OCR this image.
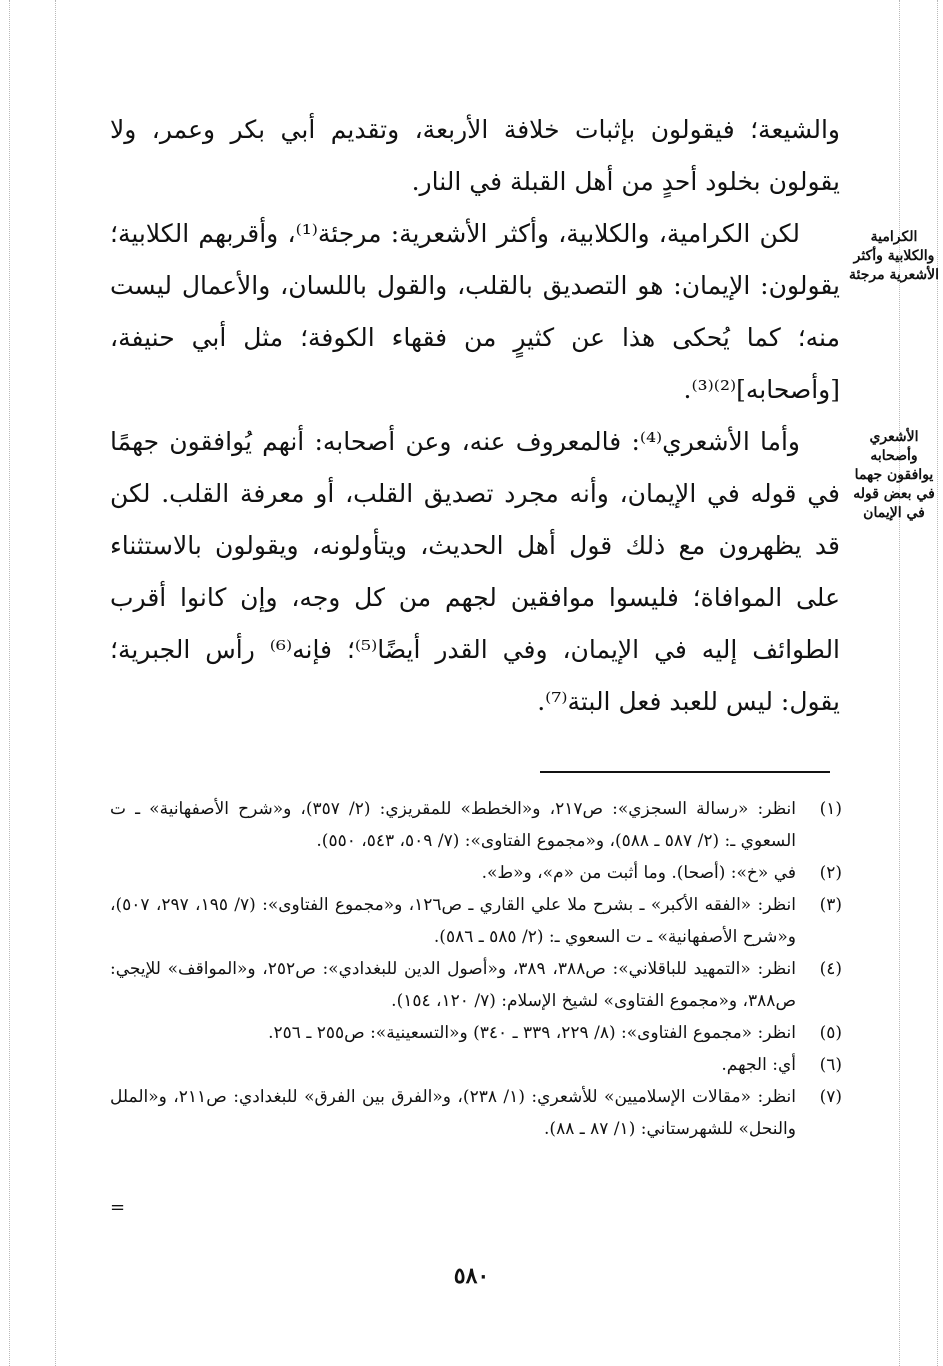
والشيعة؛ فيقولون بإثبات خلافة الأربعة، وتقديم أبي بكر وعمر، ولا يقولون بخلود أحدٍ من أهل القبلة في النار.

لكن الكرامية، والكلابية، وأكثر الأشعرية: مرجئة⁽¹⁾، وأقربهم الكلابية؛ يقولون: الإيمان: هو التصديق بالقلب، والقول باللسان، والأعمال ليست منه؛ كما يُحكى هذا عن كثيرٍ من فقهاء الكوفة؛ مثل أبي حنيفة، [وأصحابه]⁽²⁾⁽³⁾.

وأما الأشعري⁽⁴⁾: فالمعروف عنه، وعن أصحابه: أنهم يُوافقون جهمًا في قوله في الإيمان، وأنه مجرد تصديق القلب، أو معرفة القلب. لكن قد يظهرون مع ذلك قول أهل الحديث، ويتأولونه، ويقولون بالاستثناء على الموافاة؛ فليسوا موافقين لجهم من كل وجه، وإن كانوا أقرب الطوائف إليه في الإيمان، وفي القدر أيضًا⁽⁵⁾؛ فإنه⁽⁶⁾ رأس الجبرية؛ يقول: ليس للعبد فعل البتة⁽⁷⁾.

الكرامية والكلابية وأكثر الأشعرية مرجئة
الأشعري وأصحابه يوافقون جهما في بعض قوله في الإيمان
(١)
انظر: «رسالة السجزي»: ص٢١٧، و«الخطط» للمقريزي: (٢/ ٣٥٧)، و«شرح الأصفهانية» ـ ت السعوي ـ: (٢/ ٥٨٧ ـ ٥٨٨)، و«مجموع الفتاوى»: (٧/ ٥٠٩، ٥٤٣، ٥٥٠).
(٢)
في «خ»: (أصحا). وما أثبت من «م»، و«ط».
(٣)
انظر: «الفقه الأكبر» ـ بشرح ملا علي القاري ـ ص١٢٦، و«مجموع الفتاوى»: (٧/ ١٩٥، ٢٩٧، ٥٠٧)، و«شرح الأصفهانية» ـ ت السعوي ـ: (٢/ ٥٨٥ ـ ٥٨٦).
(٤)
انظر: «التمهيد للباقلاني»: ص٣٨٨، ٣٨٩، و«أصول الدين للبغدادي»: ص٢٥٢، و«المواقف» للإيجي: ص٣٨٨، و«مجموع الفتاوى» لشيخ الإسلام: (٧/ ١٢٠، ١٥٤).
(٥)
انظر: «مجموع الفتاوى»: (٨/ ٢٢٩، ٣٣٩ ـ ٣٤٠) و«التسعينية»: ص٢٥٥ ـ ٢٥٦.
(٦)
أي: الجهم.
(٧)
انظر: «مقالات الإسلاميين» للأشعري: (١/ ٢٣٨)، و«الفرق بين الفرق» للبغدادي: ص٢١١، و«الملل والنحل» للشهرستاني: (١/ ٨٧ ـ ٨٨).
=
٥٨٠
